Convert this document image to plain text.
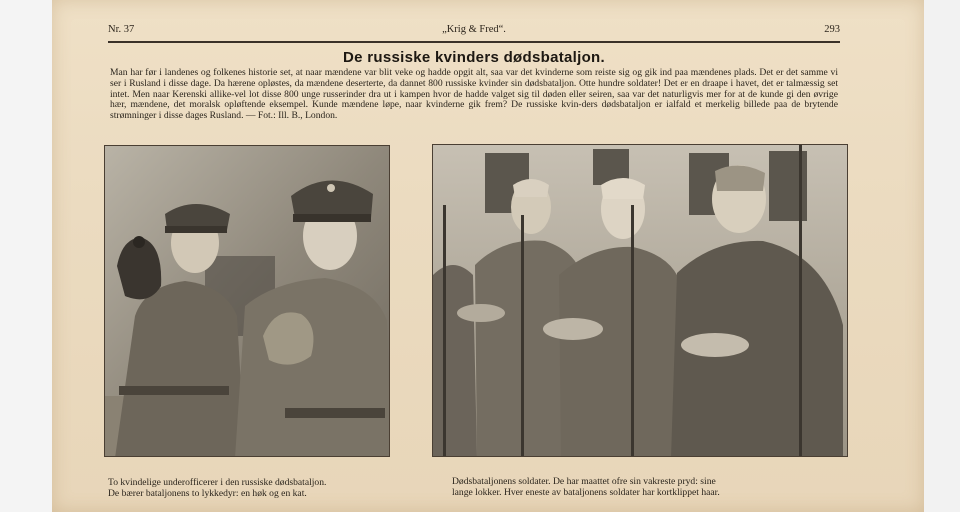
Nr. 37	„Krig & Fred“.	293
De russiske kvinders dødsbataljon.
Man har før i landenes og folkenes historie set, at naar mændene var blit veke og hadde opgit alt, saa var det kvinderne som reiste sig og gik ind paa mændenes plads. Det er det samme vi ser i Rusland i disse dage. Da hærene opløstes, da mændene deserterte, da dannet 800 russiske kvinder sin dødsbataljon. Otte hundre soldater! Det er en draape i havet, det er talmæssig set intet. Men naar Kerenski allike-vel lot disse 800 unge russerinder dra ut i kampen hvor de hadde valget sig til døden eller seiren, saa var det naturligvis mer for at de kunde gi den øvrige hær, mændene, det moralsk opløftende eksempel. Kunde mændene løpe, naar kvinderne gik frem? De russiske kvin-ders dødsbataljon er ialfald et merkelig billede paa de brytende strømninger i disse dages Rusland. — Fot.: Ill. B., London.
To kvindelige underofficerer i den russiske dødsbataljon.
De bærer bataljonens to lykkedyr: en høk og en kat.
Dødsbataljonens soldater. De har maattet ofre sin vakreste pryd: sine
lange lokker. Hver eneste av bataljonens soldater har kortklippet haar.
